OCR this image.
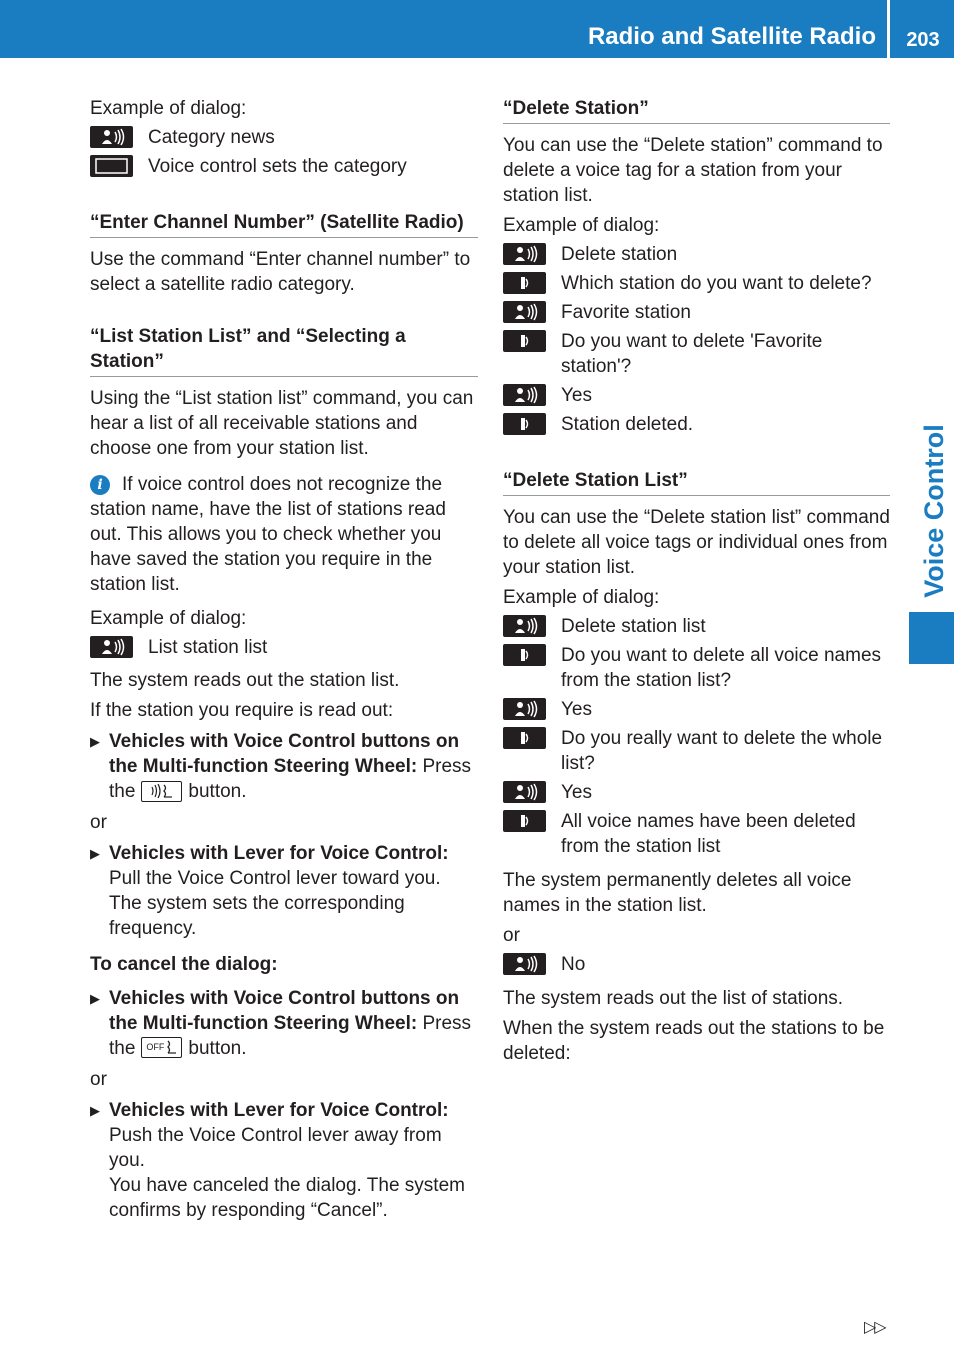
Radio and Satellite Radio	203
Voice Control
Example of dialog:
Category news
Voice control sets the category
“Enter Channel Number” (Satellite Radio)
Use the command “Enter channel number” to select a satellite radio category.
“List Station List” and “Selecting a Station”
Using the “List station list” command, you can hear a list of all receivable stations and choose one from your station list.
i	If voice control does not recognize the station name, have the list of stations read out. This allows you to check whether you have saved the station you require in the station list.
Example of dialog:
List station list
The system reads out the station list.
If the station you require is read out:
▶ Vehicles with Voice Control buttons on the Multi-function Steering Wheel: Press the	button.
or
▶ Vehicles with Lever for Voice Control:
Pull the Voice Control lever toward you. The system sets the corresponding frequency.
To cancel the dialog:
▶ Vehicles with Voice Control buttons on the Multi-function Steering Wheel: Press the OFF button.
or
▶ Vehicles with Lever for Voice Control:
Push the Voice Control lever away from you.
You have canceled the dialog. The system confirms by responding “Cancel”.
“Delete Station”
You can use the “Delete station” command to delete a voice tag for a station from your station list.
Example of dialog:
Delete station
Which station do you want to delete?
Favorite station
Do you want to delete 'Favorite station'?
Yes
Station deleted.
“Delete Station List”
You can use the “Delete station list” command to delete all voice tags or individual ones from your station list.
Example of dialog:
Delete station list
Do you want to delete all voice names from the station list?
Yes
Do you really want to delete the whole list?
Yes
All voice names have been deleted from the station list
The system permanently deletes all voice names in the station list.
or
No
The system reads out the list of stations.
When the system reads out the stations to be deleted:
▷▷
